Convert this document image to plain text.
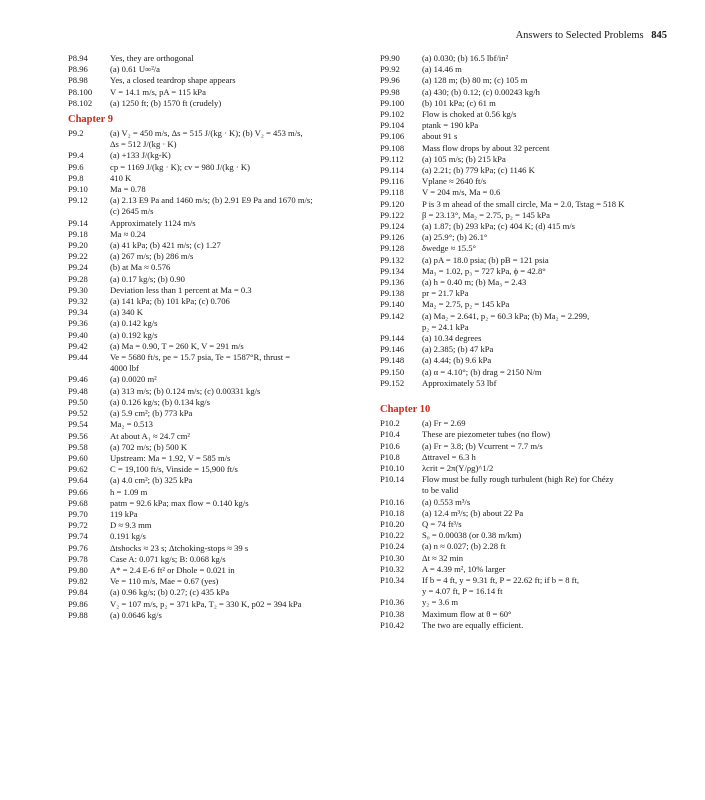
Answers to Selected Problems 845
P8.94	Yes, they are orthogonal
P8.96	(a) 0.61 U∞²/a
P8.98	Yes, a closed teardrop shape appears
P8.100	V = 14.1 m/s, pA = 115 kPa
P8.102	(a) 1250 ft; (b) 1570 ft (crudely)
Chapter 9
P9.2	(a) V₂ = 450 m/s, Δs = 515 J/(kg · K); (b) V₂ = 453 m/s,
Δs = 512 J/(kg · K)
P9.4	(a) +133 J/(kg-K)
P9.6	cp = 1169 J/(kg · K); cv = 980 J/(kg · K)
P9.8	410 K
P9.10	Ma = 0.78
P9.12	(a) 2.13 E9 Pa and 1460 m/s; (b) 2.91 E9 Pa and 1670 m/s;
(c) 2645 m/s
P9.14	Approximately 1124 m/s
P9.18	Ma ≈ 0.24
P9.20	(a) 41 kPa; (b) 421 m/s; (c) 1.27
P9.22	(a) 267 m/s; (b) 286 m/s
P9.24	(b) at Ma ≈ 0.576
P9.28	(a) 0.17 kg/s; (b) 0.90
P9.30	Deviation less than 1 percent at Ma = 0.3
P9.32	(a) 141 kPa; (b) 101 kPa; (c) 0.706
P9.34	(a) 340 K
P9.36	(a) 0.142 kg/s
P9.40	(a) 0.192 kg/s
P9.42	(a) Ma = 0.90, T = 260 K, V = 291 m/s
P9.44	Ve = 5680 ft/s, pe = 15.7 psia, Te = 1587°R, thrust =
4000 lbf
P9.46	(a) 0.0020 m²
P9.48	(a) 313 m/s; (b) 0.124 m/s; (c) 0.00331 kg/s
P9.50	(a) 0.126 kg/s; (b) 0.134 kg/s
P9.52	(a) 5.9 cm²; (b) 773 kPa
P9.54	Ma₂ = 0.513
P9.56	At about A₁ ≈ 24.7 cm²
P9.58	(a) 702 m/s; (b) 500 K
P9.60	Upstream: Ma = 1.92, V = 585 m/s
P9.62	C = 19,100 ft/s, Vinside = 15,900 ft/s
P9.64	(a) 4.0 cm²; (b) 325 kPa
P9.66	h = 1.09 m
P9.68	patm = 92.6 kPa; max flow = 0.140 kg/s
P9.70	119 kPa
P9.72	D ≈ 9.3 mm
P9.74	0.191 kg/s
P9.76	Δtshocks ≈ 23 s; Δtchoking-stops ≈ 39 s
P9.78	Case A: 0.071 kg/s; B: 0.068 kg/s
P9.80	A* = 2.4 E-6 ft² or Dhole = 0.021 in
P9.82	Ve = 110 m/s, Mae = 0.67 (yes)
P9.84	(a) 0.96 kg/s; (b) 0.27; (c) 435 kPa
P9.86	V₂ = 107 m/s, p₂ = 371 kPa, T₂ = 330 K, p02 = 394 kPa
P9.88	(a) 0.0646 kg/s
P9.90	(a) 0.030; (b) 16.5 lbf/in²
P9.92	(a) 14.46 m
P9.96	(a) 128 m; (b) 80 m; (c) 105 m
P9.98	(a) 430; (b) 0.12; (c) 0.00243 kg/h
P9.100	(b) 101 kPa; (c) 61 m
P9.102	Flow is choked at 0.56 kg/s
P9.104	ptank = 190 kPa
P9.106	about 91 s
P9.108	Mass flow drops by about 32 percent
P9.112	(a) 105 m/s; (b) 215 kPa
P9.114	(a) 2.21; (b) 779 kPa; (c) 1146 K
P9.116	Vplane ≈ 2640 ft/s
P9.118	V = 204 m/s, Ma = 0.6
P9.120	P is 3 m ahead of the small circle, Ma = 2.0, Tstag = 518 K
P9.122	β = 23.13°, Ma₂ = 2.75, p₂ = 145 kPa
P9.124	(a) 1.87; (b) 293 kPa; (c) 404 K; (d) 415 m/s
P9.126	(a) 25.9°; (b) 26.1°
P9.128	δwedge ≈ 15.5°
P9.132	(a) pA = 18.0 psia; (b) pB = 121 psia
P9.134	Ma₃ = 1.02, p₃ = 727 kPa, ϕ = 42.8°
P9.136	(a) h = 0.40 m; (b) Ma₃ = 2.43
P9.138	pr = 21.7 kPa
P9.140	Ma₂ = 2.75, p₂ = 145 kPa
P9.142	(a) Ma₂ = 2.641, p₂ = 60.3 kPa; (b) Ma₂ = 2.299,
p₂ = 24.1 kPa
P9.144	(a) 10.34 degrees
P9.146	(a) 2.385; (b) 47 kPa
P9.148	(a) 4.44; (b) 9.6 kPa
P9.150	(a) α = 4.10°; (b) drag = 2150 N/m
P9.152	Approximately 53 lbf
Chapter 10
P10.2	(a) Fr = 2.69
P10.4	These are piezometer tubes (no flow)
P10.6	(a) Fr = 3.8; (b) Vcurrent = 7.7 m/s
P10.8	Δttravel = 6.3 h
P10.10	λcrit = 2π(Y/ρg)^1/2
P10.14	Flow must be fully rough turbulent (high Re) for Chézy
to be valid
P10.16	(a) 0.553 m³/s
P10.18	(a) 12.4 m³/s; (b) about 22 Pa
P10.20	Q = 74 ft³/s
P10.22	S₀ = 0.00038 (or 0.38 m/km)
P10.24	(a) n ≈ 0.027; (b) 2.28 ft
P10.30	Δt ≈ 32 min
P10.32	A = 4.39 m², 10% larger
P10.34	If b = 4 ft, y = 9.31 ft, P = 22.62 ft; if b = 8 ft,
y = 4.07 ft, P = 16.14 ft
P10.36	y₂ = 3.6 m
P10.38	Maximum flow at θ = 60°
P10.42	The two are equally efficient.
